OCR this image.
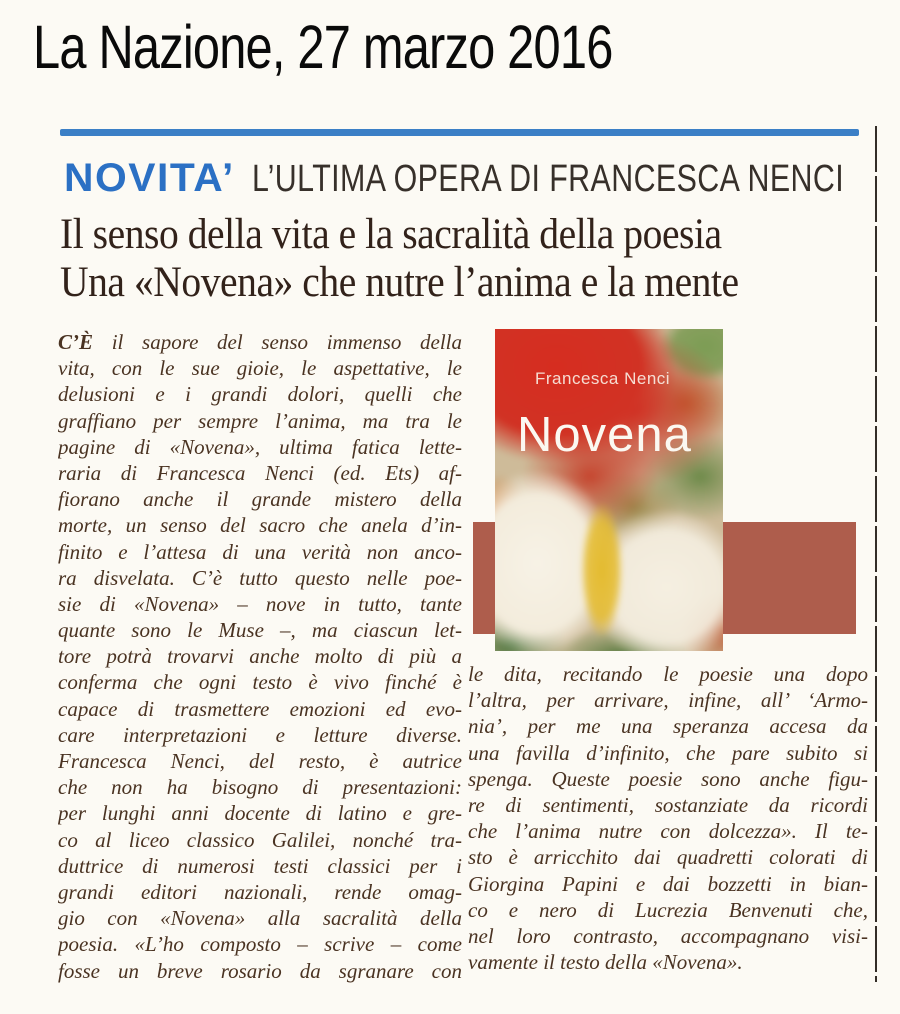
La Nazione, 27 marzo 2016
NOVITA’ L’ULTIMA OPERA DI FRANCESCA NENCI
Il senso della vita e la sacralità della poesia
Una «Novena» che nutre l’anima e la mente
Francesca Nenci
Novena
C’È il sapore del senso immenso della
vita, con le sue gioie, le aspettative, le
delusioni e i grandi dolori, quelli che
graffiano per sempre l’anima, ma tra le
pagine di «Novena», ultima fatica lette-
raria di Francesca Nenci (ed. Ets) af-
fiorano anche il grande mistero della
morte, un senso del sacro che anela d’in-
finito e l’attesa di una verità non anco-
ra disvelata. C’è tutto questo nelle poe-
sie di «Novena» – nove in tutto, tante
quante sono le Muse –, ma ciascun let-
tore potrà trovarvi anche molto di più a
conferma che ogni testo è vivo finché è
capace di trasmettere emozioni ed evo-
care interpretazioni e letture diverse.
Francesca Nenci, del resto, è autrice
che non ha bisogno di presentazioni:
per lunghi anni docente di latino e gre-
co al liceo classico Galilei, nonché tra-
duttrice di numerosi testi classici per i
grandi editori nazionali, rende omag-
gio con «Novena» alla sacralità della
poesia. «L’ho composto – scrive – come
fosse un breve rosario da sgranare con
le dita, recitando le poesie una dopo
l’altra, per arrivare, infine, all’ ‘Armo-
nia’, per me una speranza accesa da
una favilla d’infinito, che pare subito si
spenga. Queste poesie sono anche figu-
re di sentimenti, sostanziate da ricordi
che l’anima nutre con dolcezza». Il te-
sto è arricchito dai quadretti colorati di
Giorgina Papini e dai bozzetti in bian-
co e nero di Lucrezia Benvenuti che,
nel loro contrasto, accompagnano visi-
vamente il testo della «Novena».
